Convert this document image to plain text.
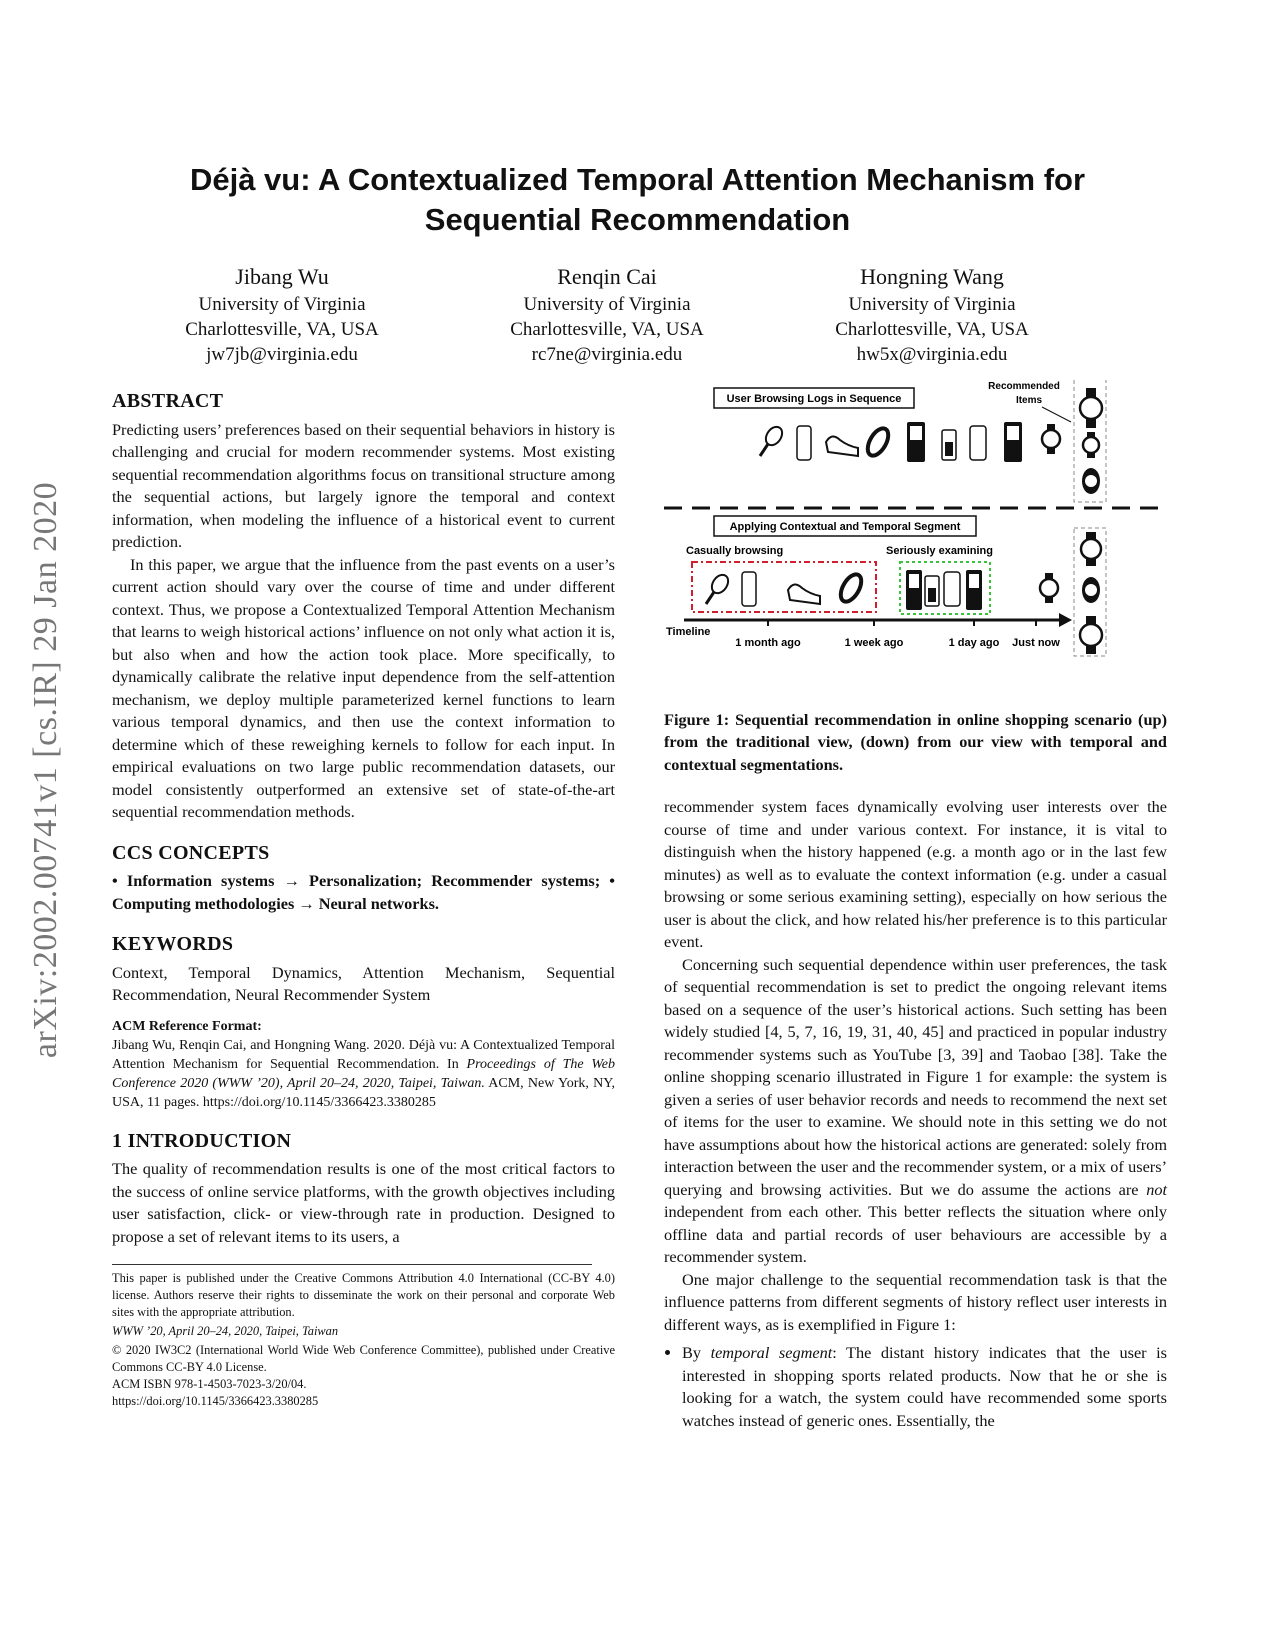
arXiv:2002.00741v1 [cs.IR] 29 Jan 2020
Déjà vu: A Contextualized Temporal Attention Mechanism for Sequential Recommendation
Jibang Wu
University of Virginia
Charlottesville, VA, USA
jw7jb@virginia.edu
Renqin Cai
University of Virginia
Charlottesville, VA, USA
rc7ne@virginia.edu
Hongning Wang
University of Virginia
Charlottesville, VA, USA
hw5x@virginia.edu
ABSTRACT

Predicting users’ preferences based on their sequential behaviors in history is challenging and crucial for modern recommender systems. Most existing sequential recommendation algorithms focus on transitional structure among the sequential actions, but largely ignore the temporal and context information, when modeling the influence of a historical event to current prediction.

In this paper, we argue that the influence from the past events on a user’s current action should vary over the course of time and under different context. Thus, we propose a Contextualized Temporal Attention Mechanism that learns to weigh historical actions’ influence on not only what action it is, but also when and how the action took place. More specifically, to dynamically calibrate the relative input dependence from the self-attention mechanism, we deploy multiple parameterized kernel functions to learn various temporal dynamics, and then use the context information to determine which of these reweighing kernels to follow for each input. In empirical evaluations on two large public recommendation datasets, our model consistently outperformed an extensive set of state-of-the-art sequential recommendation methods.

CCS CONCEPTS

• Information systems → Personalization; Recommender systems; • Computing methodologies → Neural networks.

KEYWORDS

Context, Temporal Dynamics, Attention Mechanism, Sequential Recommendation, Neural Recommender System

ACM Reference Format:

Jibang Wu, Renqin Cai, and Hongning Wang. 2020. Déjà vu: A Contextualized Temporal Attention Mechanism for Sequential Recommendation. In Proceedings of The Web Conference 2020 (WWW ’20), April 20–24, 2020, Taipei, Taiwan. ACM, New York, NY, USA, 11 pages. https://doi.org/10.1145/3366423.3380285

1 INTRODUCTION

The quality of recommendation results is one of the most critical factors to the success of online service platforms, with the growth objectives including user satisfaction, click- or view-through rate in production. Designed to propose a set of relevant items to its users, a

This paper is published under the Creative Commons Attribution 4.0 International (CC-BY 4.0) license. Authors reserve their rights to disseminate the work on their personal and corporate Web sites with the appropriate attribution.

WWW ’20, April 20–24, 2020, Taipei, Taiwan

© 2020 IW3C2 (International World Wide Web Conference Committee), published under Creative Commons CC-BY 4.0 License.

ACM ISBN 978-1-4503-7023-3/20/04.
https://doi.org/10.1145/3366423.3380285
User Browsing Logs in Sequence
Recommended
Items
Applying Contextual and Temporal Segment
Casually browsing	Seriously examining
Timeline
1 month ago	1 week ago	1 day ago Just now

Figure 1: Sequential recommendation in online shopping scenario (up) from the traditional view, (down) from our view with temporal and contextual segmentations.

recommender system faces dynamically evolving user interests over the course of time and under various context. For instance, it is vital to distinguish when the history happened (e.g. a month ago or in the last few minutes) as well as to evaluate the context information (e.g. under a casual browsing or some serious examining setting), especially on how serious the user is about the click, and how related his/her preference is to this particular event.

Concerning such sequential dependence within user preferences, the task of sequential recommendation is set to predict the ongoing relevant items based on a sequence of the user’s historical actions. Such setting has been widely studied [4, 5, 7, 16, 19, 31, 40, 45] and practiced in popular industry recommender systems such as YouTube [3, 39] and Taobao [38]. Take the online shopping scenario illustrated in Figure 1 for example: the system is given a series of user behavior records and needs to recommend the next set of items for the user to examine. We should note in this setting we do not have assumptions about how the historical actions are generated: solely from interaction between the user and the recommender system, or a mix of users’ querying and browsing activities. But we do assume the actions are not independent from each other. This better reflects the situation where only offline data and partial records of user behaviours are accessible by a recommender system.

One major challenge to the sequential recommendation task is that the influence patterns from different segments of history reflect user interests in different ways, as is exemplified in Figure 1:

• By temporal segment: The distant history indicates that the user is interested in shopping sports related products. Now that he or she is looking for a watch, the system could have recommended some sports watches instead of generic ones. Essentially, the
